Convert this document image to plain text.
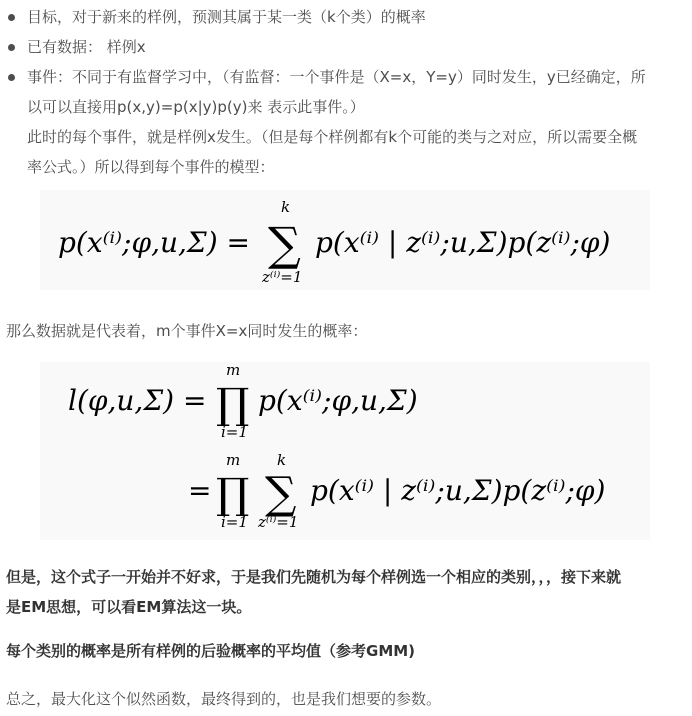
目标，对于新来的样例，预测其属于某一类（k个类）的概率
已有数据： 样例x
事件：不同于有监督学习中，（有监督：一个事件是（X=x，Y=y）同时发生，y已经确定，所
以可以直接用p(x,y)=p(x|y)p(y)来 表示此事件。）
此时的每个事件，就是样例x发生。（但是每个样例都有k个可能的类与之对应，所以需要全概
率公式。）所以得到每个事件的模型：
p(x⁽ⁱ⁾;φ,u,Σ) = ∑
k
z⁽ⁱ⁾=1
p(x⁽ⁱ⁾ | z⁽ⁱ⁾;u,Σ)p(z⁽ⁱ⁾;φ)
那么数据就是代表着，m个事件X=x同时发生的概率：
l(φ,u,Σ) = ∏
m
i=1
p(x⁽ⁱ⁾;φ,u,Σ)
= ∏
m
i=1
∑
k
z⁽ⁱ⁾=1
p(x⁽ⁱ⁾ | z⁽ⁱ⁾;u,Σ)p(z⁽ⁱ⁾;φ)
但是，这个式子一开始并不好求，于是我们先随机为每个样例选一个相应的类别，，，接下来就
是EM思想，可以看EM算法这一块。
每个类别的概率是所有样例的后验概率的平均值（参考GMM)
总之，最大化这个似然函数，最终得到的，也是我们想要的参数。
